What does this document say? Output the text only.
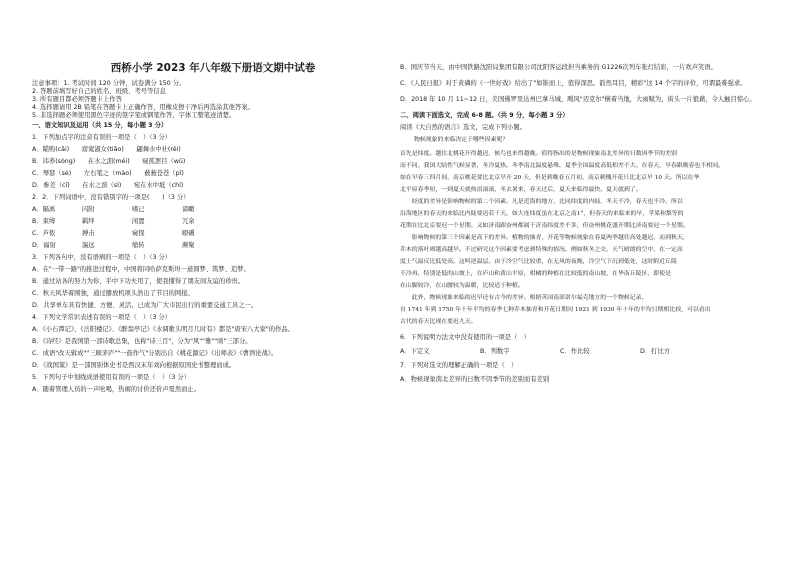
西桥小学 2023 年八年级下册语文期中试卷
注意事项：1. 考试时间 120 分钟，试卷满分 150 分。
2. 答题前填写好自己的姓名、班级、考号等信息
3. 所有题目都必须答题卡上作答
4. 选择题请用 2B 铅笔在答题卡上正确作答，用橡皮擦干净后再选涂其他答案。
5. 非选择题必须使用黑色字迹的签字笔或钢笔作答，字体工整笔迹清楚。
一、语文知识及运用（共 15 分，每小题 3 分）
1．下列加点字的注音有误的一项是（　）（3 分）
A．瞄购(cǎi)　　窈窕淑女(tiǎo)　　翩舞水中社(rěi)
B．玮荞(sòng)　　在水之湄(méi)　　窥孤罢目（wū)
C．琴瑟（sè)　　左右笔之（mào)　　薮薮苍苍（pǐ)
D．参差（cī)　　在水之滨（sì)　　宛在水中坻（chí)
2．2．下列词语中，没有错别字的一项是(　　)（3 分）
A．隔离	闪附	嗜已	谛瞰
B．束缚	羁绊	闲置	冗余
C．芦侬	搏击	窥探	暸硎
D．福射	湍远	缩转	濒聚
3．下列各句中，没有语病的一项是（　）（3 分）
A．在"一带一路"的推进过程中，中国将同哈萨克斯坦一道圆梦、筑梦、追梦。
B．通过站各的努力为你，乎中下功夫用了，使我懂得了朋友间友谊的珍贵。
C．秋天风华着围独，通过播放机项头浩出了节目的网接。
D．共享单车具有快捷、方便、灵活，已成为广大市民出行的重要交通工具之一。
4．下列文学常识表述有误的一项是（　）（3 分）
A．《小石潭记》、《岳阳楼记》、《醉翁亭记》《水调歌头明月几时有》都是"唐宋八大家"的作品。
B．《诗经》是我国第一部诗歌总集，也称"诗三百"，分为"风""雅""颂"三部分。
C．成语"改天辑成""三顾茅庐""一鼓作气"分别出自《桃花源记》《出师表》《曹刿论战》。
D．《战国策》是一部国别体史书是西汉末年刘向根据原国史书整理而成。
5．下列句子中划线成语使用有误的一项是（　）（3 分）
A．随着管理人员的一声吆喝，热闹的讨价还价声戛然而止。
B．国庆节当天，由中国铁路沈阳局集团有限公司沈阳客运段担当乘务的 G1226次列车张灯结彩，一片欢声笑语。
C．《人民日报》对于黄磷的《一世好戏》给出了"如锥而上，值得深思。韵然耳目，精彩"这 14 个字的评价，可谓最难强求。
D．2018 年 10 月 11~12 日，美国佛罗里达州巴拿马城，飓风"迈克尔"横着当地，大雨赋为，街头一片狼藉，令人触目惊心。
二、阅读下面选文，完成 6-8 题。（共 9 分，每小题 3 分）
阅读《大自然的语言》选文，完成下列小题。
物候现象的来临决定于哪些因素呢？
首先是纬度。越往北桃花开得越迟，候鸟也来得越晚。值得指出的是物候现象南北差异的日数因季节的差别
而不同。我国大陆性气候显著，冬冷夏热。冬季南北温度悬殊，夏季全国温度高低相差不大。在春天，早春跟晚春也不相同。
如在早春三四月间，南京桃花要比北京早开 20 天，但是到晚春五月初，南京刺槐开花只比北京早 10 天。所以在华
北平原春季短，一到夏天就热浪滚滚，冬去暑来，春天过后，夏天来临得最快。夏天就到了。
　　经度的差异是影响物候的第二个因素。凡是近海的地方，比同纬度的内陆，冬天不冷，春天也不冷。所以
沿海地区的春天的来临比内陆要迟若干天。如大连纬度虽在北京之南1°，但春天的来临来的早，苹果和梨等的
花期在比北京要迟一个星期。又如济南跟奋州都属于沂南纬度差不多，但奋州桃花盛开期比济南要迟一个星期。
　　影响物候的第三个因素是高下的差异。植物的抽青、开花等物候现象在春夏两季越往高处越迟，而到秋天，
乔木的落叶则越高越早。不过研究这个因素要考虑到特殊的情况。例如秋冬之交，天气晴朗的空中，在一定高
度上气温反比低处高。这叫逆温层。由于冷空气比较重，在无风的夜晚，冷空气下沉到低处，这时附近丘陵
不冷再，特别是低的山坡上，在庐山和黄山平原，柑橘的种植在比较低的南山坡，在华南丘陵区，即使是
在山脚较冷，在山腰较为温暖，比较适于种植。
　　此外，物候现象来临的迟早还有古今的差异。根据英国南部诺尔福克地方的一个物候记录，
自 1741 年到 1750 年十年平均的春季七种乔木抽青和开花日期同 1921 到 1930 年十年的平均日期相比较，可以看出
古代的春天比现在要迟九天。
6．下列说明方法文中没有使用的一项是（　）
A．下定义	B．列数字	C．作比较	D．打比方
7．下列对选文的理解正确的一项是（　）
A．物候现象南北差异的日数不因季节的差别而有差别
